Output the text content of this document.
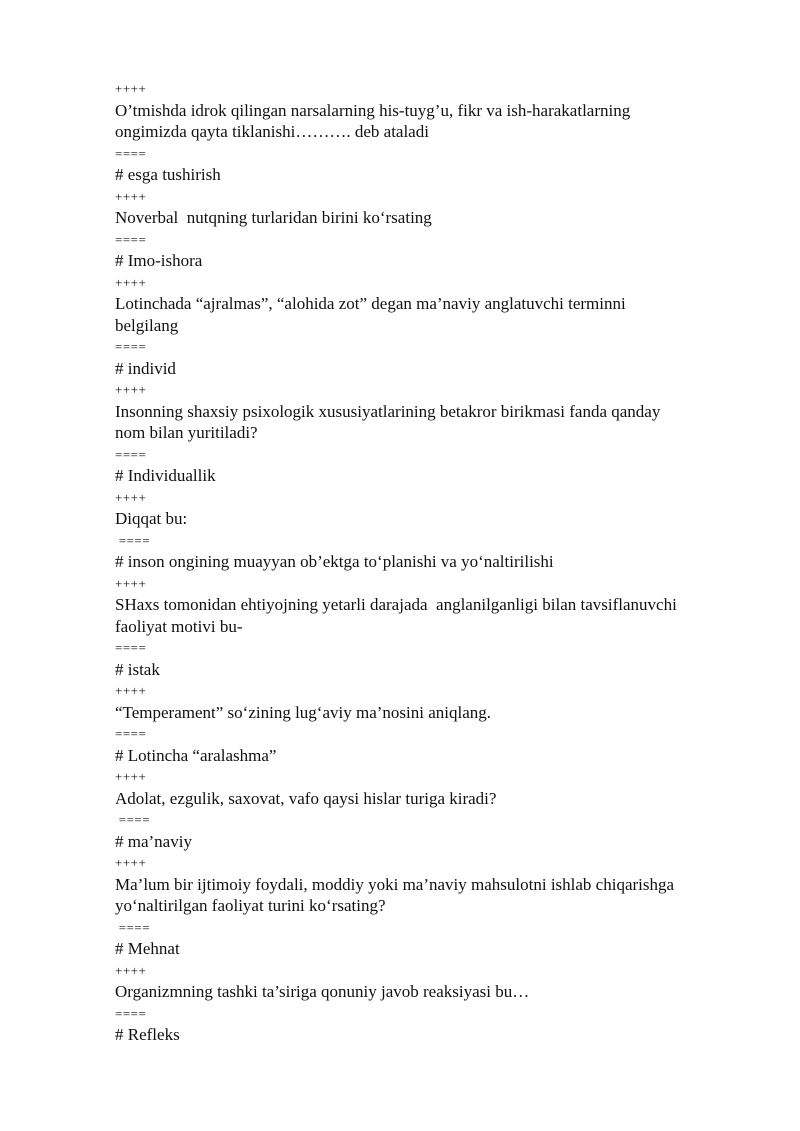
++++
O’tmishda idrok qilingan narsalarning his-tuyg’u, fikr va ish-harakatlarning
ongimizda qayta tiklanishi………. deb ataladi
====
# esga tushirish
++++
Noverbal  nutqning turlaridan birini ko‘rsating
====
# Imo-ishora
++++
Lotinchada “ajralmas”, “alohida zot” degan ma’naviy anglatuvchi terminni
belgilang
====
# individ
++++
Insonning shaxsiy psixologik xususiyatlarining betakror birikmasi fanda qanday
nom bilan yuritiladi?
====
# Individuallik
++++
Diqqat bu:
====
# inson ongining muayyan ob’ektga to‘planishi va yo‘naltirilishi
++++
SHaxs tomonidan ehtiyojning yetarli darajada  anglanilganligi bilan tavsiflanuvchi
faoliyat motivi bu-
====
# istak
++++
“Temperament” so‘zining lug‘aviy ma’nosini aniqlang.
====
# Lotincha “aralashma”
++++
Adolat, ezgulik, saxovat, vafo qaysi hislar turiga kiradi?
====
# ma’naviy
++++
Ma’lum bir ijtimoiy foydali, moddiy yoki ma’naviy mahsulotni ishlab chiqarishga
yo‘naltirilgan faoliyat turini ko‘rsating?
====
# Mehnat
++++
Organizmning tashki ta’siriga qonuniy javob reaksiyasi bu…
====
# Refleks
